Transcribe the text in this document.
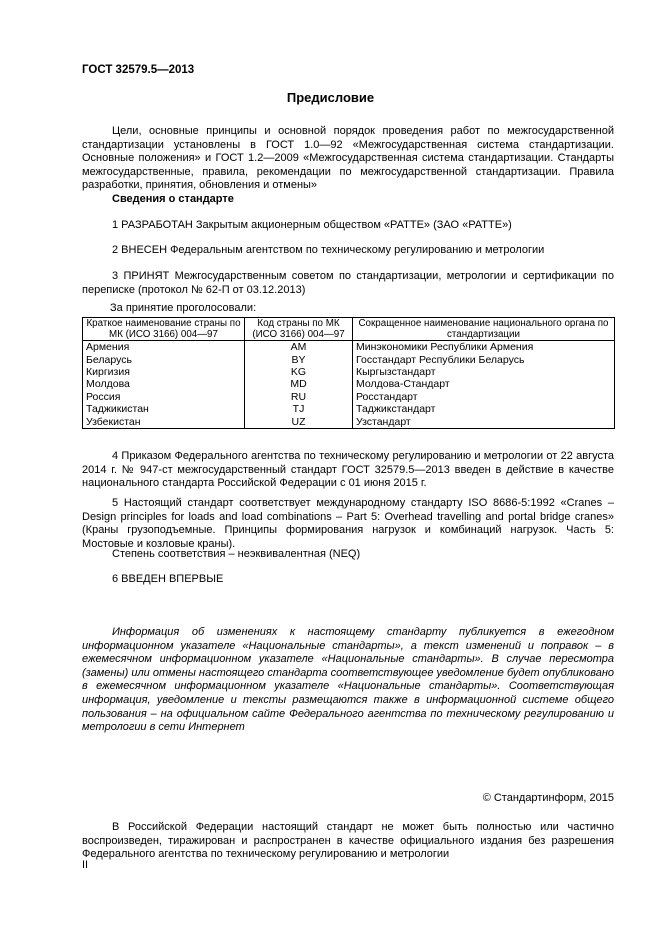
ГОСТ 32579.5—2013
Предисловие
Цели, основные принципы и основной порядок проведения работ по межгосударственной стандартизации установлены в ГОСТ 1.0—92 «Межгосударственная система стандартизации. Основные положения» и ГОСТ 1.2—2009 «Межгосударственная система стандартизации. Стандарты межгосударственные, правила, рекомендации по межгосударственной стандартизации. Правила разработки, принятия, обновления и отмены»
Сведения о стандарте
1 РАЗРАБОТАН Закрытым акционерным обществом «РАТТЕ» (ЗАО «РАТТЕ»)
2 ВНЕСЕН Федеральным агентством по техническому регулированию и метрологии
3 ПРИНЯТ Межгосударственным советом по стандартизации, метрологии и сертификации по переписке (протокол № 62-П от 03.12.2013)
За принятие проголосовали:
Краткое наименование страны по МК (ИСО 3166) 004—97	Код страны по МК (ИСО 3166) 004—97	Сокращенное наименование национального органа по стандартизации
Армения	AM	Минэкономики Республики Армения
Беларусь	BY	Госстандарт Республики Беларусь
Киргизия	KG	Кыргызстандарт
Молдова	MD	Молдова-Стандарт
Россия	RU	Росстандарт
Таджикистан	TJ	Таджикстандарт
Узбекистан	UZ	Узстандарт
4 Приказом Федерального агентства по техническому регулированию и метрологии от 22 августа 2014 г. № 947-ст межгосударственный стандарт ГОСТ 32579.5—2013 введен в действие в качестве национального стандарта Российской Федерации с 01 июня 2015 г.
5 Настоящий стандарт соответствует международному стандарту ISO 8686-5:1992 «Cranes – Design principles for loads and load combinations – Part 5: Overhead travelling and portal bridge cranes» (Краны грузоподъемные. Принципы формирования нагрузок и комбинаций нагрузок. Часть 5: Мостовые и козловые краны).
Степень соответствия – неэквивалентная (NEQ)
6 ВВЕДЕН ВПЕРВЫЕ
Информация об изменениях к настоящему стандарту публикуется в ежегодном информационном указателе «Национальные стандарты», а текст изменений и поправок – в ежемесячном информационном указателе «Национальные стандарты». В случае пересмотра (замены) или отмены настоящего стандарта соответствующее уведомление будет опубликовано в ежемесячном информационном указателе «Национальные стандарты». Соответствующая информация, уведомление и тексты размещаются также в информационной системе общего пользования – на официальном сайте Федерального агентства по техническому регулированию и метрологии в сети Интернет
© Стандартинформ, 2015
В Российской Федерации настоящий стандарт не может быть полностью или частично воспроизведен, тиражирован и распространен в качестве официального издания без разрешения Федерального агентства по техническому регулированию и метрологии
II
